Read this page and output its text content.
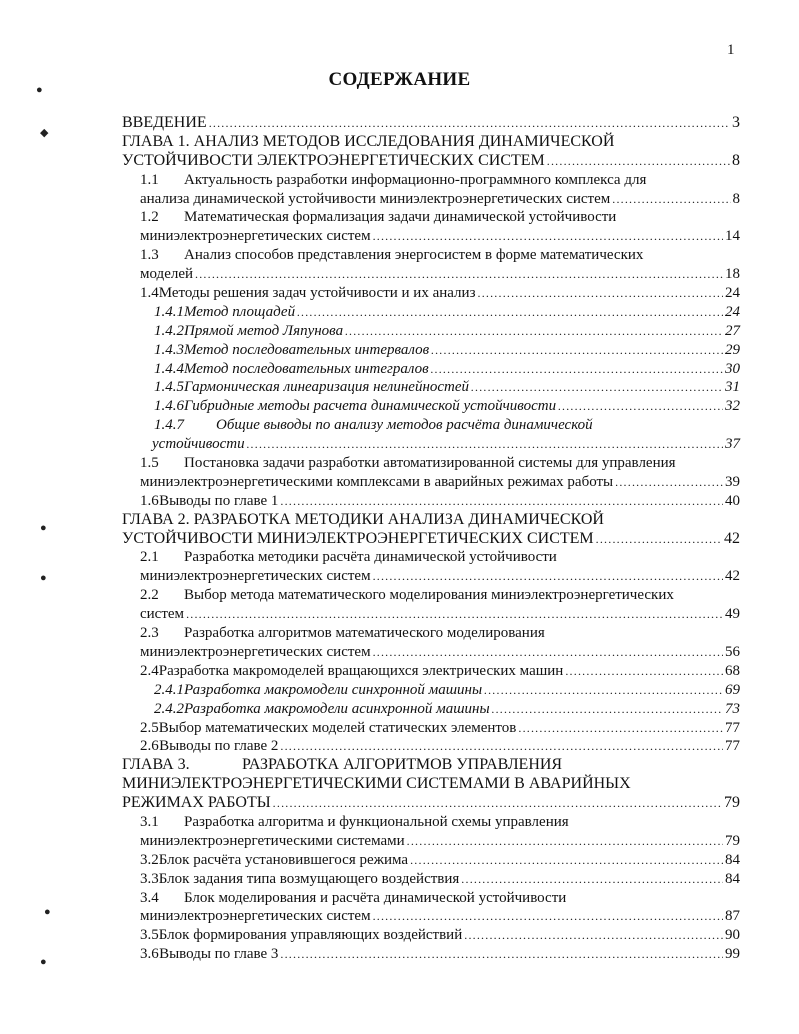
1
СОДЕРЖАНИЕ
ВВЕДЕНИЕ .....	3
ГЛАВА 1. АНАЛИЗ МЕТОДОВ ИССЛЕДОВАНИЯ ДИНАМИЧЕСКОЙ
УСТОЙЧИВОСТИ ЭЛЕКТРОЭНЕРГЕТИЧЕСКИХ СИСТЕМ .....	8
1.1	Актуальность разработки информационно-программного комплекса для
анализа динамической устойчивости миниэлектроэнергетических систем .....	8
1.2	Математическая формализация задачи динамической устойчивости
миниэлектроэнергетических систем .....	14
1.3	Анализ способов представления энергосистем в форме математических
моделей .....	18
1.4 Методы решения задач устойчивости и их анализ .....	24
1.4.1 Метод площадей .....	24
1.4.2 Прямой метод Ляпунова .....	27
1.4.3 Метод последовательных интервалов .....	29
1.4.4 Метод последовательных интегралов .....	30
1.4.5 Гармоническая линеаризация нелинейностей .....	31
1.4.6 Гибридные методы расчета динамической устойчивости .....	32
1.4.7	Общие выводы по анализу методов расчёта динамической
устойчивости .....	37
1.5	Постановка задачи разработки автоматизированной системы для управления
миниэлектроэнергетическими комплексами в аварийных режимах работы .....	39
1.6 Выводы по главе 1 .....	40
ГЛАВА 2. РАЗРАБОТКА МЕТОДИКИ АНАЛИЗА ДИНАМИЧЕСКОЙ
УСТОЙЧИВОСТИ МИНИЭЛЕКТРОЭНЕРГЕТИЧЕСКИХ СИСТЕМ .....	42
2.1	Разработка методики расчёта динамической устойчивости
миниэлектроэнергетических систем .....	42
2.2	Выбор метода математического моделирования миниэлектроэнергетических
систем .....	49
2.3	Разработка алгоритмов математического моделирования
миниэлектроэнергетических систем .....	56
2.4 Разработка макромоделей вращающихся электрических машин .....	68
2.4.1 Разработка макромодели синхронной машины .....	69
2.4.2 Разработка макромодели асинхронной машины .....	73
2.5 Выбор математических моделей статических элементов .....	77
2.6 Выводы по главе 2 .....	77
ГЛАВА 3.	РАЗРАБОТКА АЛГОРИТМОВ УПРАВЛЕНИЯ
МИНИЭЛЕКТРОЭНЕРГЕТИЧЕСКИМИ СИСТЕМАМИ В АВАРИЙНЫХ
РЕЖИМАХ РАБОТЫ .....	79
3.1	Разработка алгоритма и функциональной схемы управления
миниэлектроэнергетическими системами .....	79
3.2 Блок расчёта установившегося режима .....	84
3.3 Блок задания типа возмущающего воздействия .....	84
3.4	Блок моделирования и расчёта динамической устойчивости
миниэлектроэнергетических систем .....	87
3.5 Блок формирования управляющих воздействий .....	90
3.6 Выводы по главе 3 .....	99
●
◆
●
●
●
●
